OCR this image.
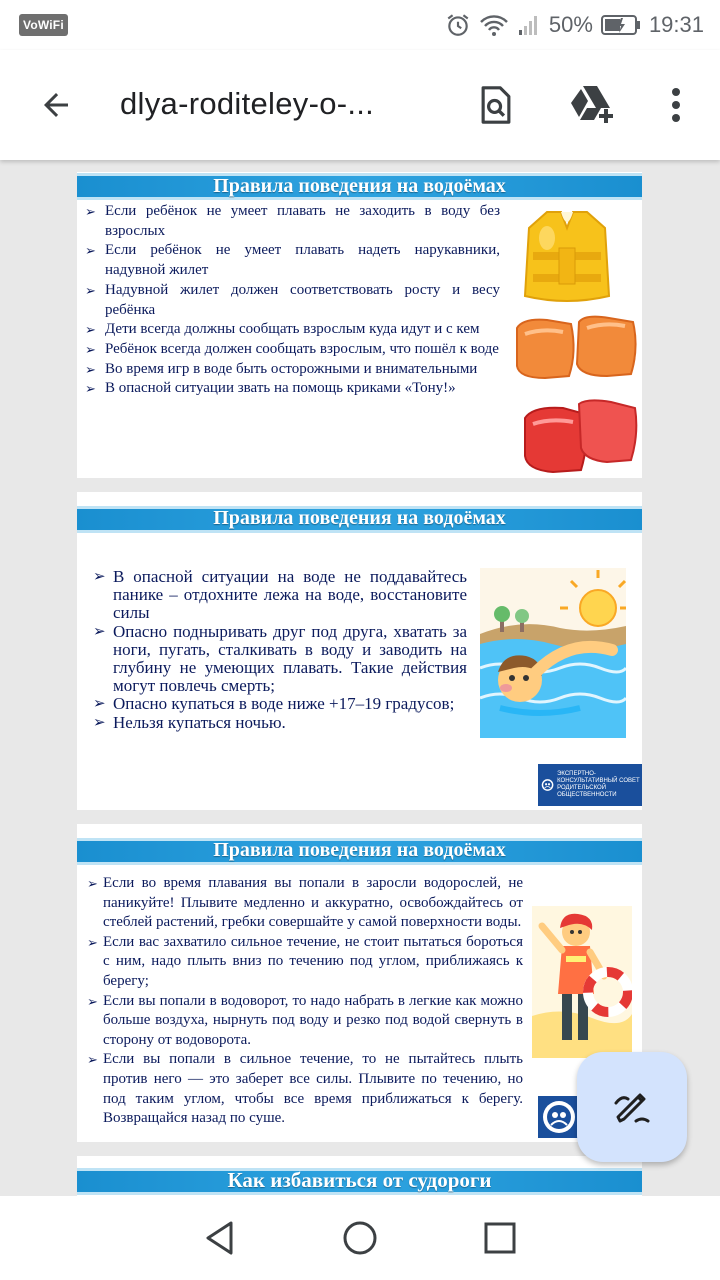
VoWiFi	50%	19:31
dlya-roditeley-o-...
Правила поведения на водоёмах
➢ Если ребёнок не умеет плавать не заходить в воду без взрослых
➢ Если ребёнок не умеет плавать надеть нарукавники, надувной жилет
➢ Надувной жилет должен соответствовать росту и весу ребёнка
➢ Дети всегда должны сообщать взрослым куда идут и с кем
➢ Ребёнок всегда должен сообщать взрослым, что пошёл к воде
➢ Во время игр в воде быть осторожными и внимательными
➢ В опасной ситуации звать на помощь криками «Тону!»
Правила поведения на водоёмах
➢ В опасной ситуации на воде не поддавайтесь панике – отдохните лежа на воде, восстановите силы
➢ Опасно подныривать друг под друга, хватать за ноги, пугать, сталкивать в воду и заводить на глубину не умеющих плавать. Такие действия могут повлечь смерть;
➢ Опасно купаться в воде ниже +17–19 градусов;
➢ Нельзя купаться ночью.
ЭКСПЕРТНО-КОНСУЛЬТАТИВНЫЙ СОВЕТ РОДИТЕЛЬСКОЙ ОБЩЕСТВЕННОСТИ
Правила поведения на водоёмах
➢ Если во время плавания вы попали в заросли водорослей, не паникуйте! Плывите медленно и аккуратно, освобождайтесь от стеблей растений, гребки совершайте у самой поверхности воды.
➢ Если вас захватило сильное течение, не стоит пытаться бороться с ним, надо плыть вниз по течению под углом, приближаясь к берегу;
➢ Если вы попали в водоворот, то надо набрать в легкие как можно больше воздуха, нырнуть под воду и резко под водой свернуть в сторону от водоворота.
➢ Если вы попали в сильное течение, то не пытайтесь плыть против него — это заберет все силы. Плывите по течению, но под таким углом, чтобы все время приближаться к берегу. Возвращайся назад по суше.
Как избавиться от судороги
